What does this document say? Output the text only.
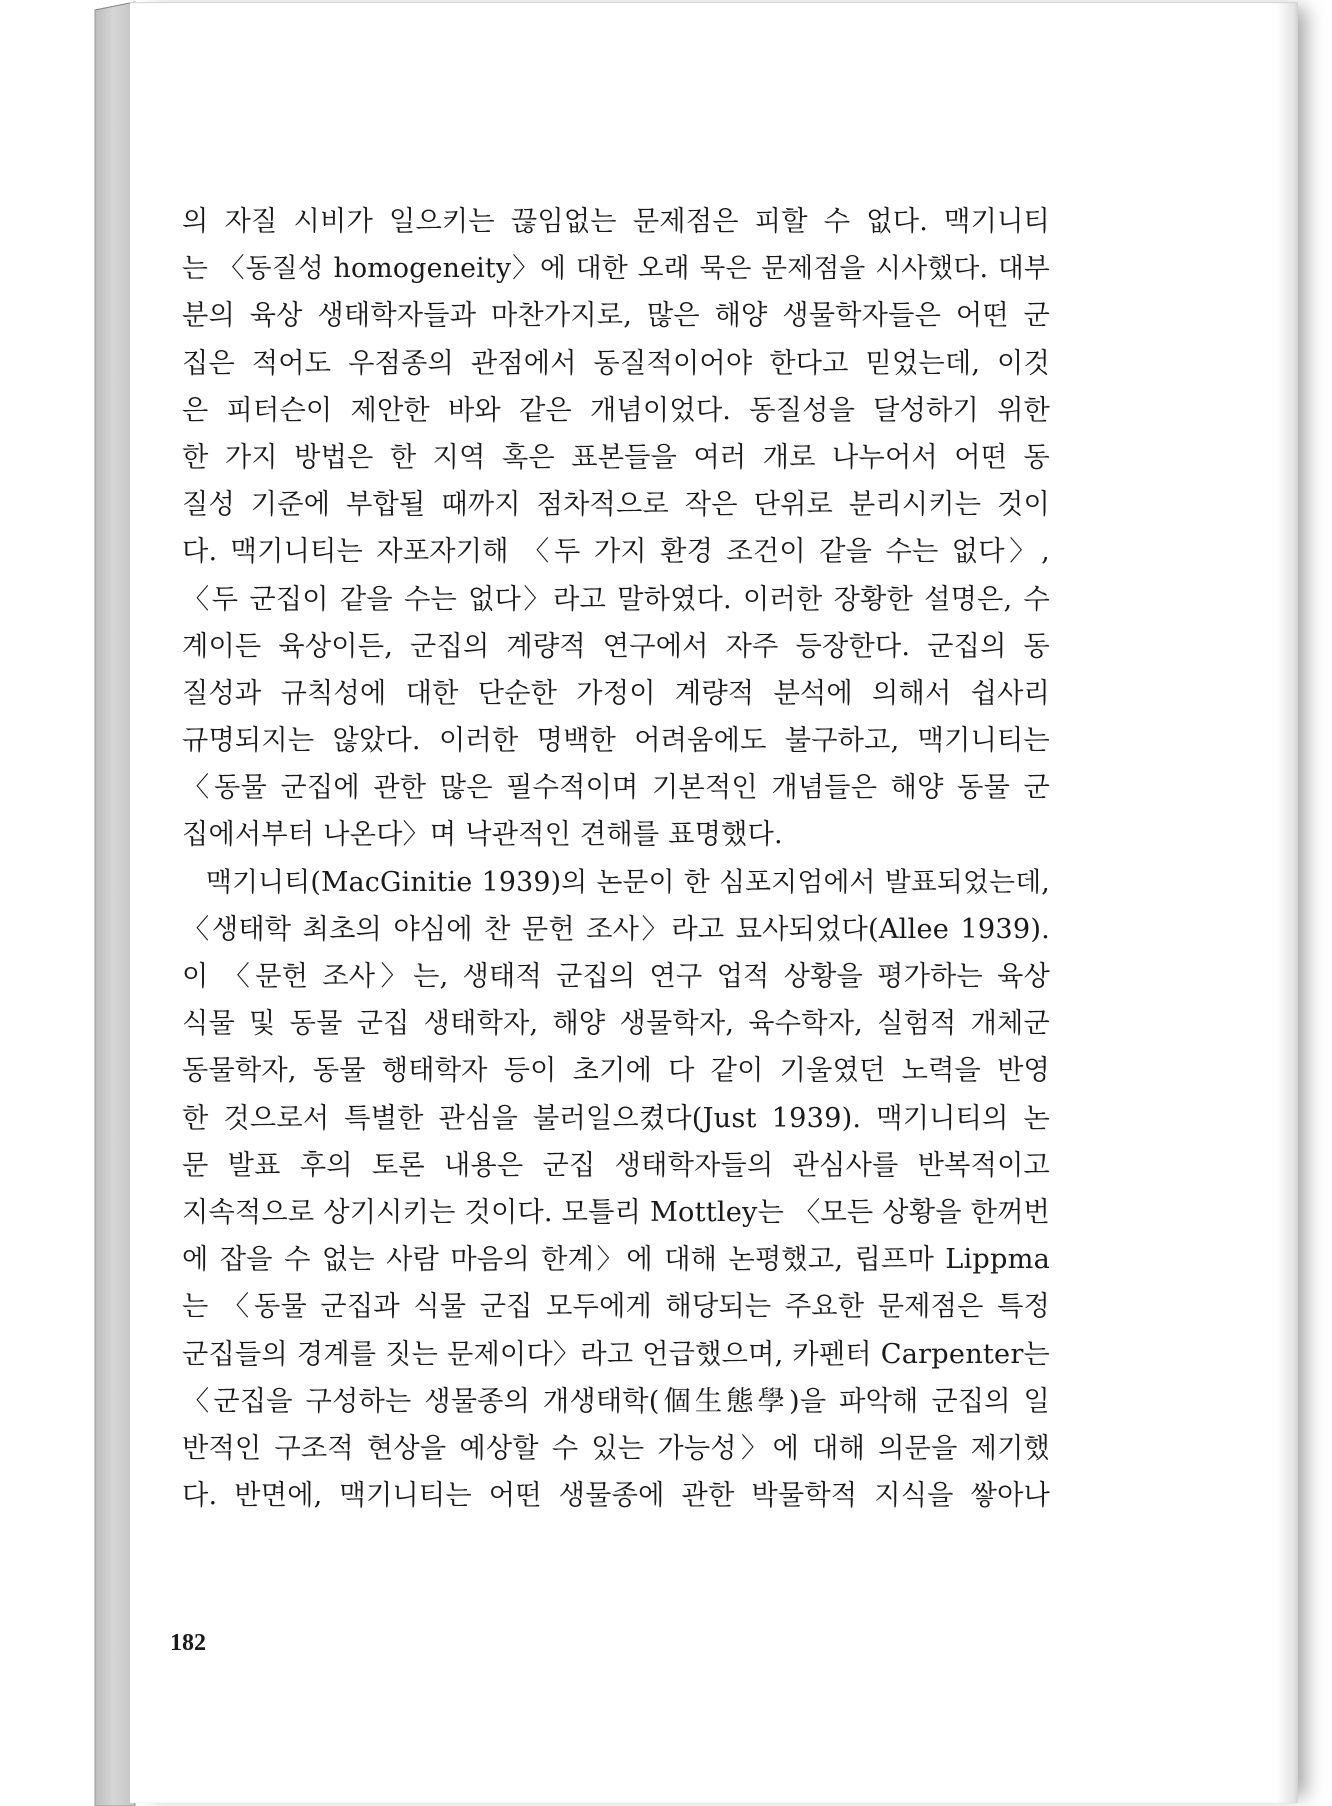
의 자질 시비가 일으키는 끊임없는 문제점은 피할 수 없다. 맥기니티
는 〈동질성 homogeneity〉에 대한 오래 묵은 문제점을 시사했다. 대부
분의 육상 생태학자들과 마찬가지로, 많은 해양 생물학자들은 어떤 군
집은 적어도 우점종의 관점에서 동질적이어야 한다고 믿었는데, 이것
은 피터슨이 제안한 바와 같은 개념이었다. 동질성을 달성하기 위한
한 가지 방법은 한 지역 혹은 표본들을 여러 개로 나누어서 어떤 동
질성 기준에 부합될 때까지 점차적으로 작은 단위로 분리시키는 것이
다. 맥기니티는 자포자기해 〈두 가지 환경 조건이 같을 수는 없다〉,
〈두 군집이 같을 수는 없다〉라고 말하였다. 이러한 장황한 설명은, 수
계이든 육상이든, 군집의 계량적 연구에서 자주 등장한다. 군집의 동
질성과 규칙성에 대한 단순한 가정이 계량적 분석에 의해서 쉽사리
규명되지는 않았다. 이러한 명백한 어려움에도 불구하고, 맥기니티는
〈동물 군집에 관한 많은 필수적이며 기본적인 개념들은 해양 동물 군
집에서부터 나온다〉며 낙관적인 견해를 표명했다.
맥기니티(MacGinitie 1939)의 논문이 한 심포지엄에서 발표되었는데,
〈생태학 최초의 야심에 찬 문헌 조사〉라고 묘사되었다(Allee 1939).
이 〈문헌 조사〉는, 생태적 군집의 연구 업적 상황을 평가하는 육상
식물 및 동물 군집 생태학자, 해양 생물학자, 육수학자, 실험적 개체군
동물학자, 동물 행태학자 등이 초기에 다 같이 기울였던 노력을 반영
한 것으로서 특별한 관심을 불러일으켰다(Just 1939). 맥기니티의 논
문 발표 후의 토론 내용은 군집 생태학자들의 관심사를 반복적이고
지속적으로 상기시키는 것이다. 모틀리 Mottley는 〈모든 상황을 한꺼번
에 잡을 수 없는 사람 마음의 한계〉에 대해 논평했고, 립프마 Lippma
는 〈동물 군집과 식물 군집 모두에게 해당되는 주요한 문제점은 특정
군집들의 경계를 짓는 문제이다〉라고 언급했으며, 카펜터 Carpenter는
〈군집을 구성하는 생물종의 개생태학(個生態學)을 파악해 군집의 일
반적인 구조적 현상을 예상할 수 있는 가능성〉에 대해 의문을 제기했
다. 반면에, 맥기니티는 어떤 생물종에 관한 박물학적 지식을 쌓아나
182
